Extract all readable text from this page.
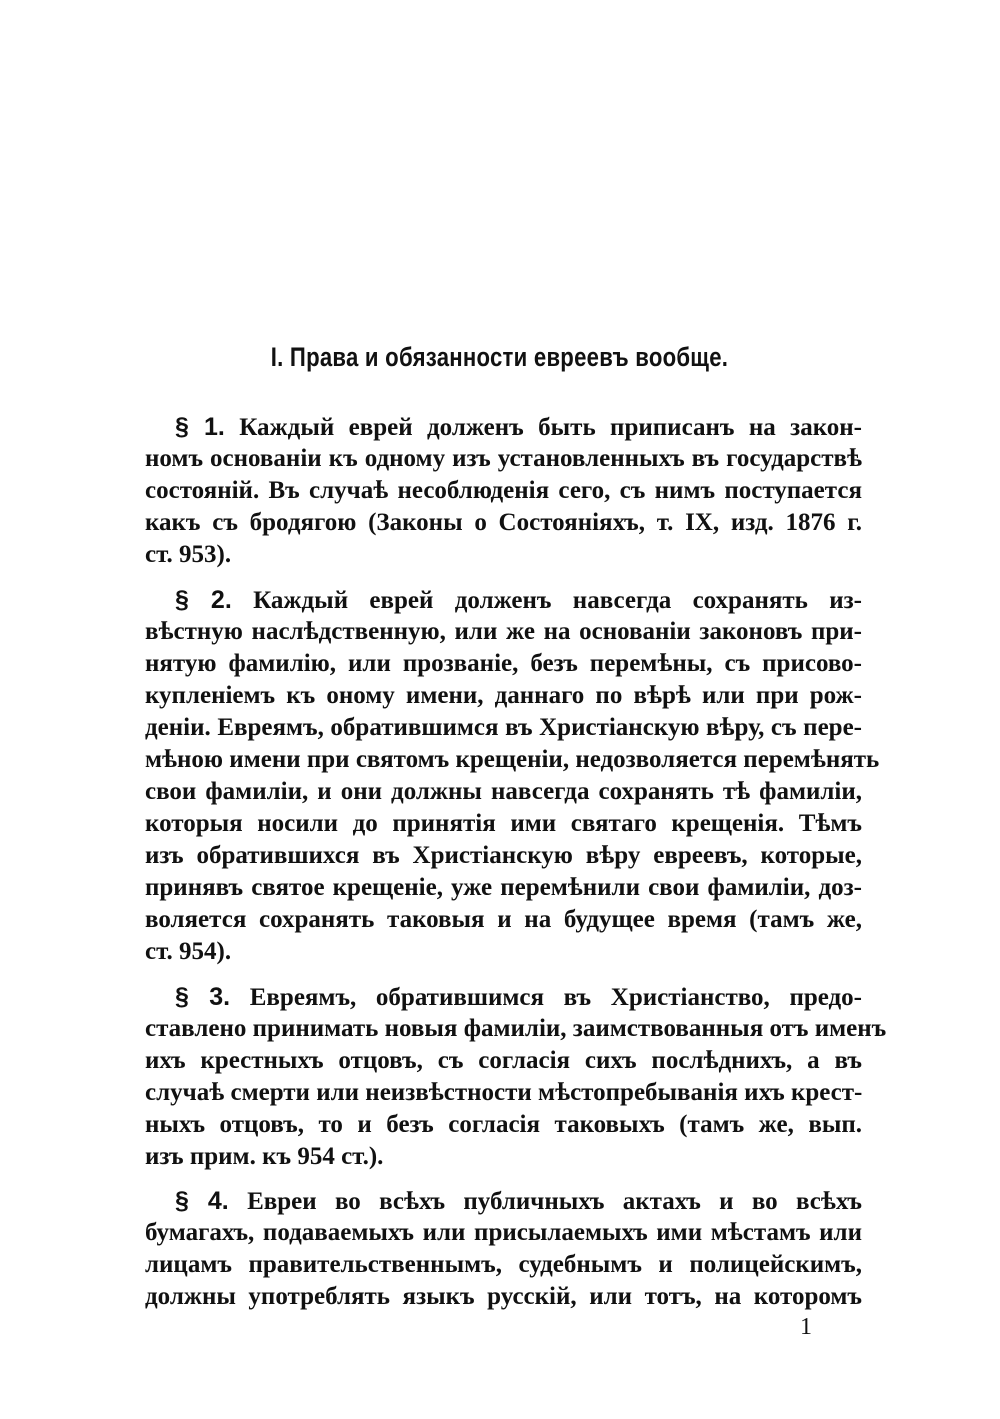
I. Права и обязанности евреевъ вообще.
§ 1. Каждый еврей долженъ быть приписанъ на закон-
номъ основанiи къ одному изъ установленныхъ въ государствѣ
состоянiй. Въ случаѣ несоблюденiя сего, съ нимъ поступается
какъ съ бродягою (Законы о Состоянiяхъ, т. IX, изд. 1876 г.
ст. 953).
§ 2. Каждый еврей долженъ навсегда сохранять из-
вѣстную наслѣдственную, или же на основанiи законовъ при-
нятую фамилiю, или прозванiе, безъ перемѣны, съ присово-
купленiемъ къ оному имени, даннаго по вѣрѣ или при рож-
денiи. Евреямъ, обратившимся въ Христiанскую вѣру, съ пере-
мѣною имени при святомъ крещенiи, недозволяется перемѣнять
свои фамилiи, и они должны навсегда сохранять тѣ фамилiи,
которыя носили до принятiя ими святаго крещенiя. Тѣмъ
изъ обратившихся въ Христiанскую вѣру евреевъ, которые,
принявъ святое крещенiе, уже перемѣнили свои фамилiи, доз-
воляется сохранять таковыя и на будущее время (тамъ же,
ст. 954).
§ 3. Евреямъ, обратившимся въ Христiанство, предо-
ставлено принимать новыя фамилiи, заимствованныя отъ именъ
ихъ крестныхъ отцовъ, съ согласiя сихъ послѣднихъ, а въ
случаѣ смерти или неизвѣстности мѣстопребыванiя ихъ крест-
ныхъ отцовъ, то и безъ согласiя таковыхъ (тамъ же, вып.
изъ прим. къ 954 ст.).
§ 4. Евреи во всѣхъ публичныхъ актахъ и во всѣхъ
бумагахъ, подаваемыхъ или присылаемыхъ ими мѣстамъ или
лицамъ правительственнымъ, судебнымъ и полицейскимъ,
должны употреблять языкъ русскiй, или тотъ, на которомъ
1
